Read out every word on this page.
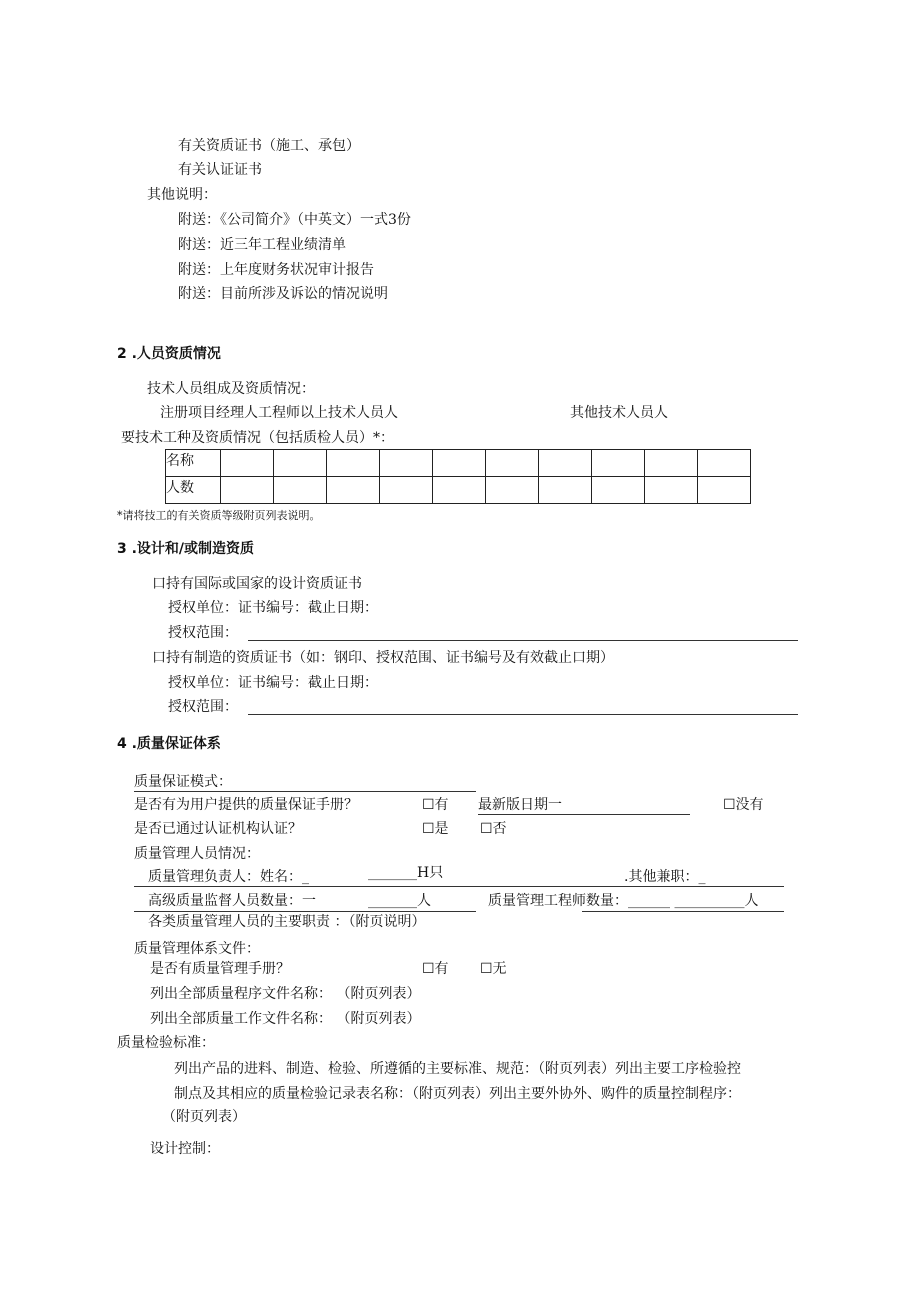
有关资质证书（施工、承包）
有关认证证书
其他说明：
附送：《公司简介》（中英文）一式3份
附送：近三年工程业绩清单
附送：上年度财务状况审计报告
附送：目前所涉及诉讼的情况说明
2 .人员资质情况
技术人员组成及资质情况：
注册项目经理人工程师以上技术人员人	其他技术人员人
要技术工种及资质情况（包括质检人员）*：
名称										
人数										
*请将技工的有关资质等级附页列表说明。
3 .设计和/或制造资质
口持有国际或国家的设计资质证书
授权单位：证书编号：截止日期：
授权范围：
口持有制造的资质证书（如：钢印、授权范围、证书编号及有效截止口期）
授权单位：证书编号：截止日期：
授权范围：
4 .质量保证体系
质量保证模式：
是否有为用户提供的质量保证手册？	☐有 最新版日期一	☐没有
是否已通过认证机构认证？	☐是 ☐否
质量管理人员情况：
质量管理负责人：姓名：_	_______H只	.其他兼职：_
高级质量监督人员数量：一	_______人	质量管理工程师数量：______ __________人
各类质量管理人员的主要职责 ：（附页说明）
质量管理体系文件：
是否有质量管理手册？	☐有 ☐无
列出全部质量程序文件名称： （附页列表）
列出全部质量工作文件名称： （附页列表）
质量检验标准：
列出产品的进料、制造、检验、所遵循的主要标准、规范：（附页列表）列出主要工序检验控
制点及其相应的质量检验记录表名称：（附页列表）列出主要外协外、购件的质量控制程序：
（附页列表）
设计控制：
